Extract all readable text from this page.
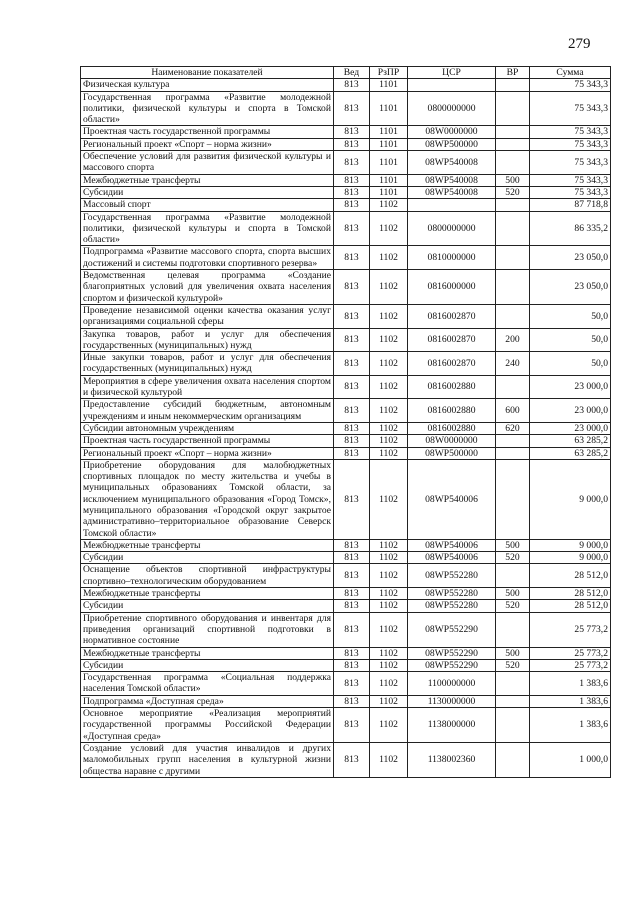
279
Наименование показателей	Вед	РзПР	ЦСР	ВР	Сумма
Физическая культура	813	1101			75 343,3
Государственная программа «Развитие молодежной политики, физической культуры и спорта в Томской области»	813	1101	0800000000		75 343,3
Проектная часть государственной программы	813	1101	08W0000000		75 343,3
Региональный проект «Спорт – норма жизни»	813	1101	08WP500000		75 343,3
Обеспечение условий для развития физической культуры и массового спорта	813	1101	08WP540008		75 343,3
Межбюджетные трансферты	813	1101	08WP540008	500	75 343,3
Субсидии	813	1101	08WP540008	520	75 343,3
Массовый спорт	813	1102			87 718,8
Государственная программа «Развитие молодежной политики, физической культуры и спорта в Томской области»	813	1102	0800000000		86 335,2
Подпрограмма «Развитие массового спорта, спорта высших достижений и системы подготовки спортивного резерва»	813	1102	0810000000		23 050,0
Ведомственная целевая программа «Создание благоприятных условий для увеличения охвата населения спортом и физической культурой»	813	1102	0816000000		23 050,0
Проведение независимой оценки качества оказания услуг организациями социальной сферы	813	1102	0816002870		50,0
Закупка товаров, работ и услуг для обеспечения государственных (муниципальных) нужд	813	1102	0816002870	200	50,0
Иные закупки товаров, работ и услуг для обеспечения государственных (муниципальных) нужд	813	1102	0816002870	240	50,0
Мероприятия в сфере увеличения охвата населения спортом и физической культурой	813	1102	0816002880		23 000,0
Предоставление субсидий бюджетным, автономным учреждениям и иным некоммерческим организациям	813	1102	0816002880	600	23 000,0
Субсидии автономным учреждениям	813	1102	0816002880	620	23 000,0
Проектная часть государственной программы	813	1102	08W0000000		63 285,2
Региональный проект «Спорт – норма жизни»	813	1102	08WP500000		63 285,2
Приобретение оборудования для малобюджетных спортивных площадок по месту жительства и учебы в муниципальных образованиях Томской области, за исключением муниципального образования «Город Томск», муниципального образования «Городской округ закрытое административно–территориальное образование Северск Томской области»	813	1102	08WP540006		9 000,0
Межбюджетные трансферты	813	1102	08WP540006	500	9 000,0
Субсидии	813	1102	08WP540006	520	9 000,0
Оснащение объектов спортивной инфраструктуры спортивно–технологическим оборудованием	813	1102	08WP552280		28 512,0
Межбюджетные трансферты	813	1102	08WP552280	500	28 512,0
Субсидии	813	1102	08WP552280	520	28 512,0
Приобретение спортивного оборудования и инвентаря для приведения организаций спортивной подготовки в нормативное состояние	813	1102	08WP552290		25 773,2
Межбюджетные трансферты	813	1102	08WP552290	500	25 773,2
Субсидии	813	1102	08WP552290	520	25 773,2
Государственная программа «Социальная поддержка населения Томской области»	813	1102	1100000000		1 383,6
Подпрограмма «Доступная среда»	813	1102	1130000000		1 383,6
Основное мероприятие «Реализация мероприятий государственной программы Российской Федерации «Доступная среда»	813	1102	1138000000		1 383,6
Создание условий для участия инвалидов и других маломобильных групп населения в культурной жизни общества наравне с другими	813	1102	1138002360		1 000,0
